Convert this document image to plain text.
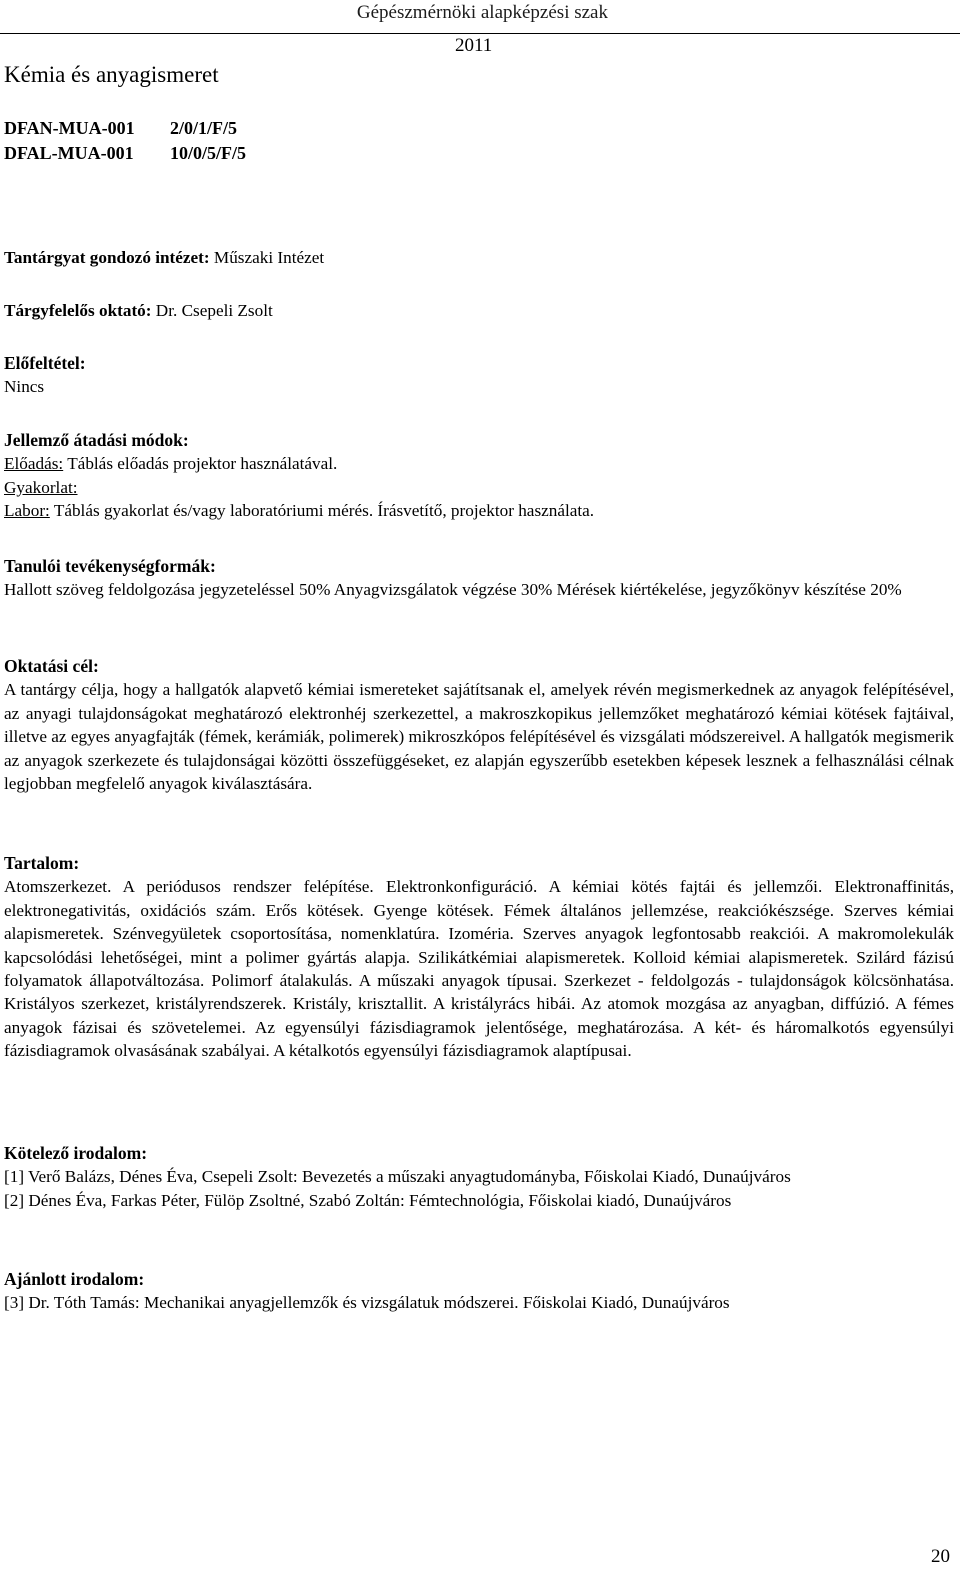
Gépészmérnöki alapképzési szak
2011
Kémia és anyagismeret
DFAN-MUA-001 2/0/1/F/5
DFAL-MUA-001 10/0/5/F/5
Tantárgyat gondozó intézet: Műszaki Intézet
Tárgyfelelős oktató: Dr. Csepeli Zsolt
Előfeltétel:
Nincs
Jellemző átadási módok:
Előadás: Táblás előadás projektor használatával.
Gyakorlat:
Labor: Táblás gyakorlat és/vagy laboratóriumi mérés. Írásvetítő, projektor használata.
Tanulói tevékenységformák:
Hallott szöveg feldolgozása jegyzeteléssel 50% Anyagvizsgálatok végzése 30% Mérések kiértékelése, jegyzőkönyv készítése 20%
Oktatási cél:
A tantárgy célja, hogy a hallgatók alapvető kémiai ismereteket sajátítsanak el, amelyek révén megismerkednek az anyagok felépítésével, az anyagi tulajdonságokat meghatározó elektronhéj szerkezettel, a makroszkopikus jellemzőket meghatározó kémiai kötések fajtáival, illetve az egyes anyagfajták (fémek, kerámiák, polimerek) mikroszkópos felépítésével és vizsgálati módszereivel. A hallgatók megismerik az anyagok szerkezete és tulajdonságai közötti összefüggéseket, ez alapján egyszerűbb esetekben képesek lesznek a felhasználási célnak legjobban megfelelő anyagok kiválasztására.
Tartalom:
Atomszerkezet. A periódusos rendszer felépítése. Elektronkonfiguráció. A kémiai kötés fajtái és jellemzői. Elektronaffinitás, elektronegativitás, oxidációs szám. Erős kötések. Gyenge kötések. Fémek általános jellemzése, reakciókészsége. Szerves kémiai alapismeretek. Szénvegyületek csoportosítása, nomenklatúra. Izoméria. Szerves anyagok legfontosabb reakciói. A makromolekulák kapcsolódási lehetőségei, mint a polimer gyártás alapja. Szilikátkémiai alapismeretek. Kolloid kémiai alapismeretek. Szilárd fázisú folyamatok állapotváltozása. Polimorf átalakulás. A műszaki anyagok típusai. Szerkezet - feldolgozás - tulajdonságok kölcsönhatása. Kristályos szerkezet, kristályrendszerek. Kristály, krisztallit. A kristályrács hibái. Az atomok mozgása az anyagban, diffúzió. A fémes anyagok fázisai és szövetelemei. Az egyensúlyi fázisdiagramok jelentősége, meghatározása. A két- és háromalkotós egyensúlyi fázisdiagramok olvasásának szabályai. A kétalkotós egyensúlyi fázisdiagramok alaptípusai.
Kötelező irodalom:
[1] Verő Balázs, Dénes Éva, Csepeli Zsolt: Bevezetés a műszaki anyagtudományba, Főiskolai Kiadó, Dunaújváros
[2] Dénes Éva, Farkas Péter, Fülöp Zsoltné, Szabó Zoltán: Fémtechnológia, Főiskolai kiadó, Dunaújváros
Ajánlott irodalom:
[3] Dr. Tóth Tamás: Mechanikai anyagjellemzők és vizsgálatuk módszerei. Főiskolai Kiadó, Dunaújváros
20
